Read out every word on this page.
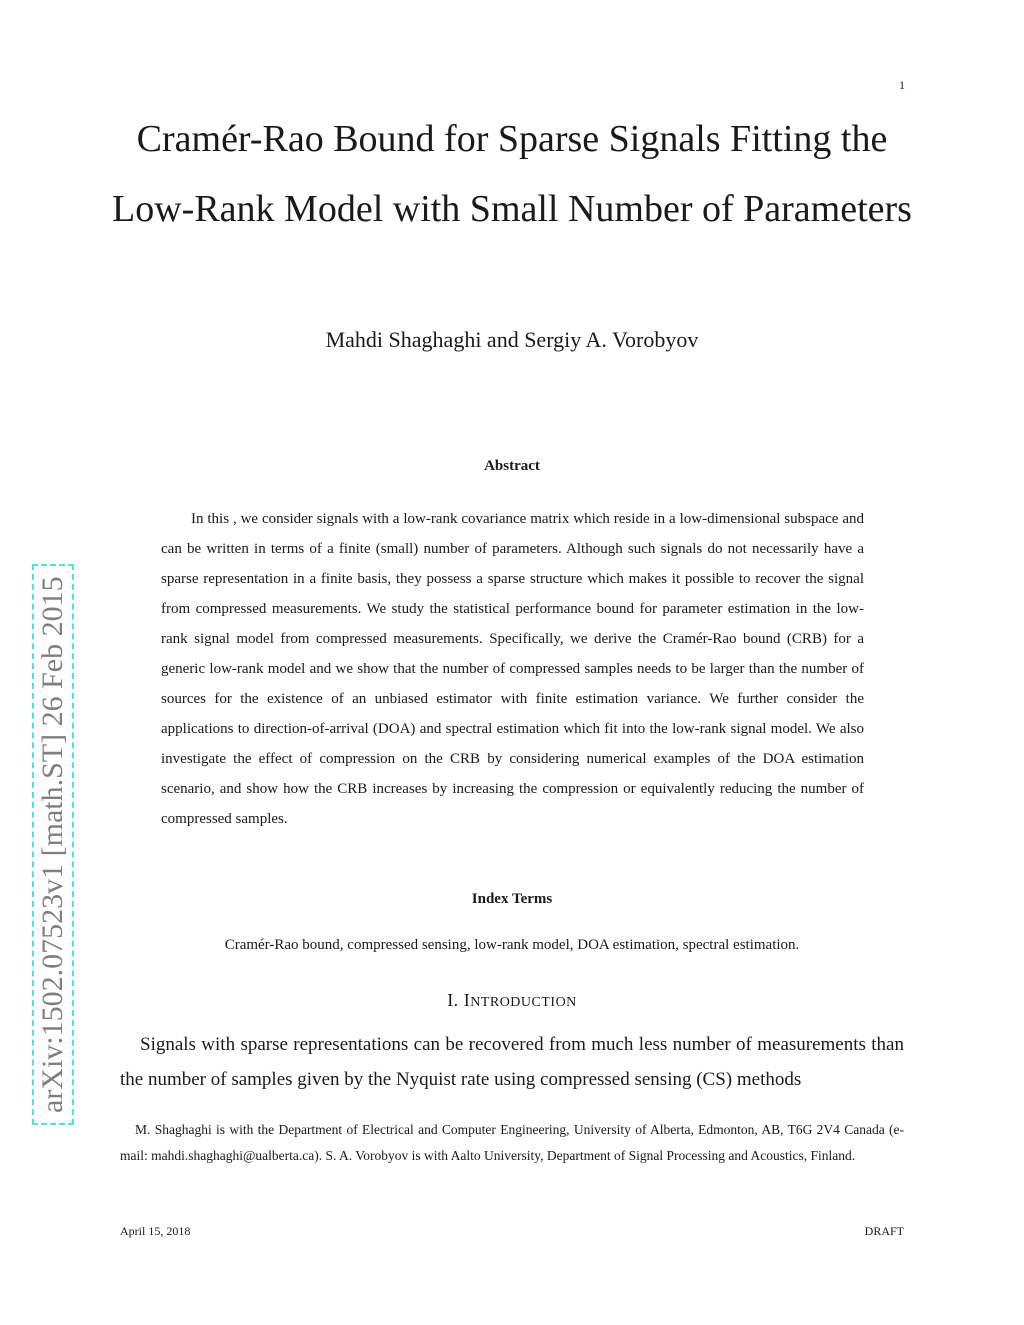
1
Cramér-Rao Bound for Sparse Signals Fitting the Low-Rank Model with Small Number of Parameters
Mahdi Shaghaghi and Sergiy A. Vorobyov
arXiv:1502.07523v1 [math.ST] 26 Feb 2015
Abstract

In this , we consider signals with a low-rank covariance matrix which reside in a low-dimensional subspace and can be written in terms of a finite (small) number of parameters. Although such signals do not necessarily have a sparse representation in a finite basis, they possess a sparse structure which makes it possible to recover the signal from compressed measurements. We study the statistical performance bound for parameter estimation in the low-rank signal model from compressed measurements. Specifically, we derive the Cramér-Rao bound (CRB) for a generic low-rank model and we show that the number of compressed samples needs to be larger than the number of sources for the existence of an unbiased estimator with finite estimation variance. We further consider the applications to direction-of-arrival (DOA) and spectral estimation which fit into the low-rank signal model. We also investigate the effect of compression on the CRB by considering numerical examples of the DOA estimation scenario, and show how the CRB increases by increasing the compression or equivalently reducing the number of compressed samples.

Index Terms
Cramér-Rao bound, compressed sensing, low-rank model, DOA estimation, spectral estimation.
I. INTRODUCTION

Signals with sparse representations can be recovered from much less number of measurements than the number of samples given by the Nyquist rate using compressed sensing (CS) methods

M. Shaghaghi is with the Department of Electrical and Computer Engineering, University of Alberta, Edmonton, AB, T6G 2V4 Canada (e-mail: mahdi.shaghaghi@ualberta.ca). S. A. Vorobyov is with Aalto University, Department of Signal Processing and Acoustics, Finland.

April 15, 2018	DRAFT
